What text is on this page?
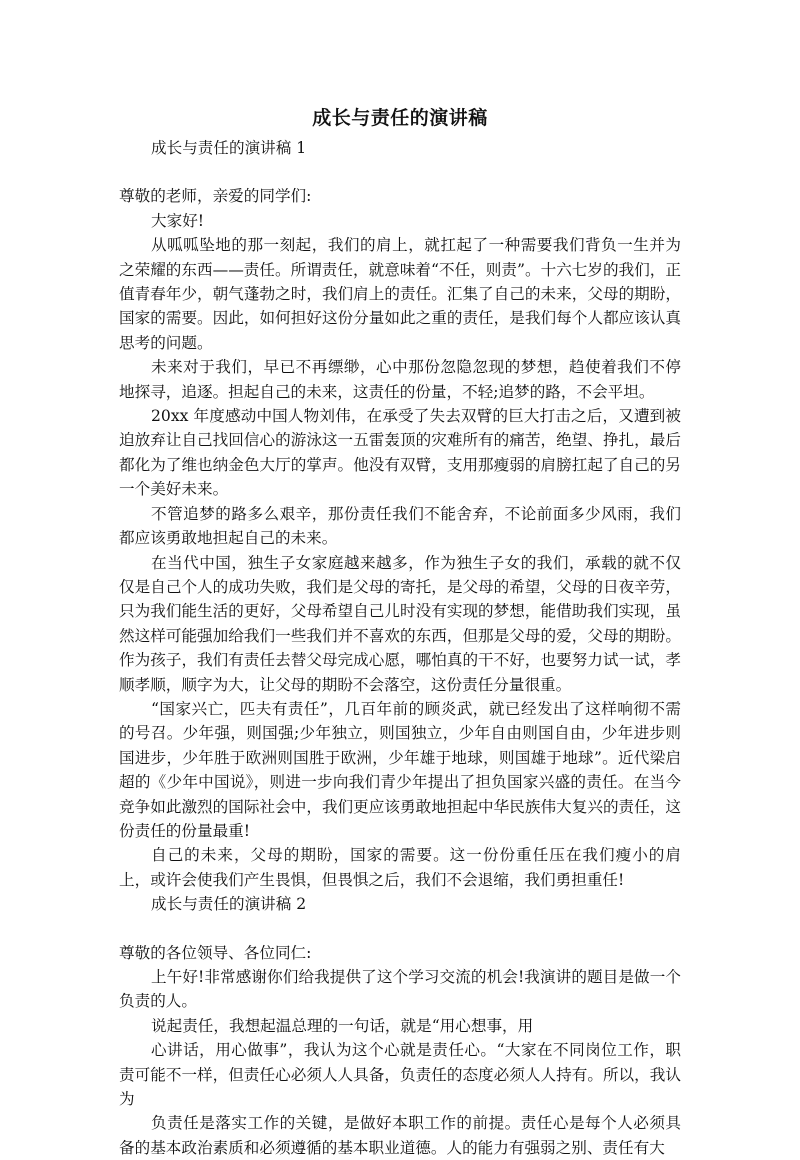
成长与责任的演讲稿

成长与责任的演讲稿 1

尊敬的老师，亲爱的同学们:

大家好!

从呱呱坠地的那一刻起，我们的肩上，就扛起了一种需要我们背负一生并为之荣耀的东西——责任。所谓责任，就意味着“不任，则责”。十六七岁的我们，正值青春年少，朝气蓬勃之时，我们肩上的责任。汇集了自己的未来，父母的期盼，国家的需要。因此，如何担好这份分量如此之重的责任，是我们每个人都应该认真思考的问题。

未来对于我们，早已不再缥缈，心中那份忽隐忽现的梦想，趋使着我们不停地探寻，追逐。担起自己的未来，这责任的份量，不轻;追梦的路，不会平坦。

20xx 年度感动中国人物刘伟，在承受了失去双臂的巨大打击之后，又遭到被迫放弃让自己找回信心的游泳这一五雷轰顶的灾难所有的痛苦，绝望、挣扎，最后都化为了维也纳金色大厅的掌声。他没有双臂，支用那瘦弱的肩膀扛起了自己的另一个美好未来。

不管追梦的路多么艰辛，那份责任我们不能舍弃，不论前面多少风雨，我们都应该勇敢地担起自己的未来。

在当代中国，独生子女家庭越来越多，作为独生子女的我们，承载的就不仅仅是自己个人的成功失败，我们是父母的寄托，是父母的希望，父母的日夜辛劳，只为我们能生活的更好，父母希望自己儿时没有实现的梦想，能借助我们实现，虽然这样可能强加给我们一些我们并不喜欢的东西，但那是父母的爱，父母的期盼。作为孩子，我们有责任去替父母完成心愿，哪怕真的干不好，也要努力试一试，孝顺孝顺，顺字为大，让父母的期盼不会落空，这份责任分量很重。

“国家兴亡，匹夫有责任”，几百年前的顾炎武，就已经发出了这样响彻不需的号召。少年强，则国强;少年独立，则国独立，少年自由则国自由，少年进步则国进步，少年胜于欧洲则国胜于欧洲，少年雄于地球，则国雄于地球”。近代梁启超的《少年中国说》，则进一步向我们青少年提出了担负国家兴盛的责任。在当今竞争如此激烈的国际社会中，我们更应该勇敢地担起中华民族伟大复兴的责任，这份责任的份量最重!

自己的未来，父母的期盼，国家的需要。这一份份重任压在我们瘦小的肩上，或许会使我们产生畏惧，但畏惧之后，我们不会退缩，我们勇担重任!

成长与责任的演讲稿 2

尊敬的各位领导、各位同仁:

上午好!非常感谢你们给我提供了这个学习交流的机会!我演讲的题目是做一个负责的人。

说起责任，我想起温总理的一句话，就是“用心想事，用

心讲话，用心做事”，我认为这个心就是责任心。“大家在不同岗位工作，职责可能不一样，但责任心必须人人具备，负责任的态度必须人人持有。所以，我认为

负责任是落实工作的关键，是做好本职工作的前提。责任心是每个人必须具备的基本政治素质和必须遵循的基本职业道德。人的能力有强弱之别、责任有大
